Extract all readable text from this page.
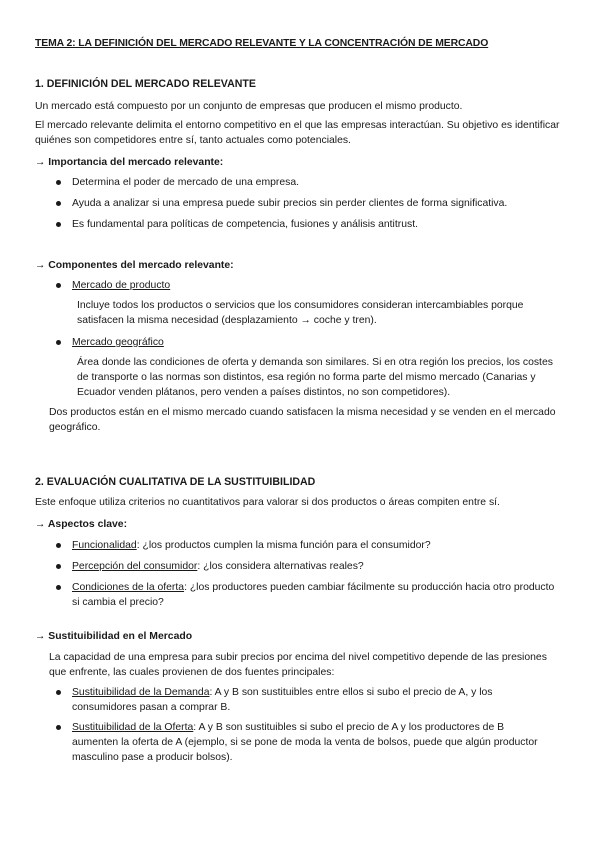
TEMA 2: LA DEFINICIÓN DEL MERCADO RELEVANTE Y LA CONCENTRACIÓN DE MERCADO
1. DEFINICIÓN DEL MERCADO RELEVANTE

Un mercado está compuesto por un conjunto de empresas que producen el mismo producto.

El mercado relevante delimita el entorno competitivo en el que las empresas interactúan. Su objetivo es identificar quiénes son competidores entre sí, tanto actuales como potenciales.

→ Importancia del mercado relevante:

Determina el poder de mercado de una empresa.

Ayuda a analizar si una empresa puede subir precios sin perder clientes de forma significativa.

Es fundamental para políticas de competencia, fusiones y análisis antitrust.

→ Componentes del mercado relevante:

Mercado de producto

Incluye todos los productos o servicios que los consumidores consideran intercambiables porque satisfacen la misma necesidad (desplazamiento → coche y tren).

Mercado geográfico

Área donde las condiciones de oferta y demanda son similares. Si en otra región los precios, los costes de transporte o las normas son distintos, esa región no forma parte del mismo mercado (Canarias y Ecuador venden plátanos, pero venden a países distintos, no son competidores).

Dos productos están en el mismo mercado cuando satisfacen la misma necesidad y se venden en el mercado geográfico.

2. EVALUACIÓN CUALITATIVA DE LA SUSTITUIBILIDAD

Este enfoque utiliza criterios no cuantitativos para valorar si dos productos o áreas compiten entre sí.

→ Aspectos clave:

Funcionalidad: ¿los productos cumplen la misma función para el consumidor?

Percepción del consumidor: ¿los considera alternativas reales?

Condiciones de la oferta: ¿los productores pueden cambiar fácilmente su producción hacia otro producto si cambia el precio?

→ Sustituibilidad en el Mercado

La capacidad de una empresa para subir precios por encima del nivel competitivo depende de las presiones que enfrente, las cuales provienen de dos fuentes principales:

Sustituibilidad de la Demanda: A y B son sustituibles entre ellos si subo el precio de A, y los consumidores pasan a comprar B.

Sustituibilidad de la Oferta: A y B son sustituibles si subo el precio de A y los productores de B aumenten la oferta de A (ejemplo, si se pone de moda la venta de bolsos, puede que algún productor masculino pase a producir bolsos).
